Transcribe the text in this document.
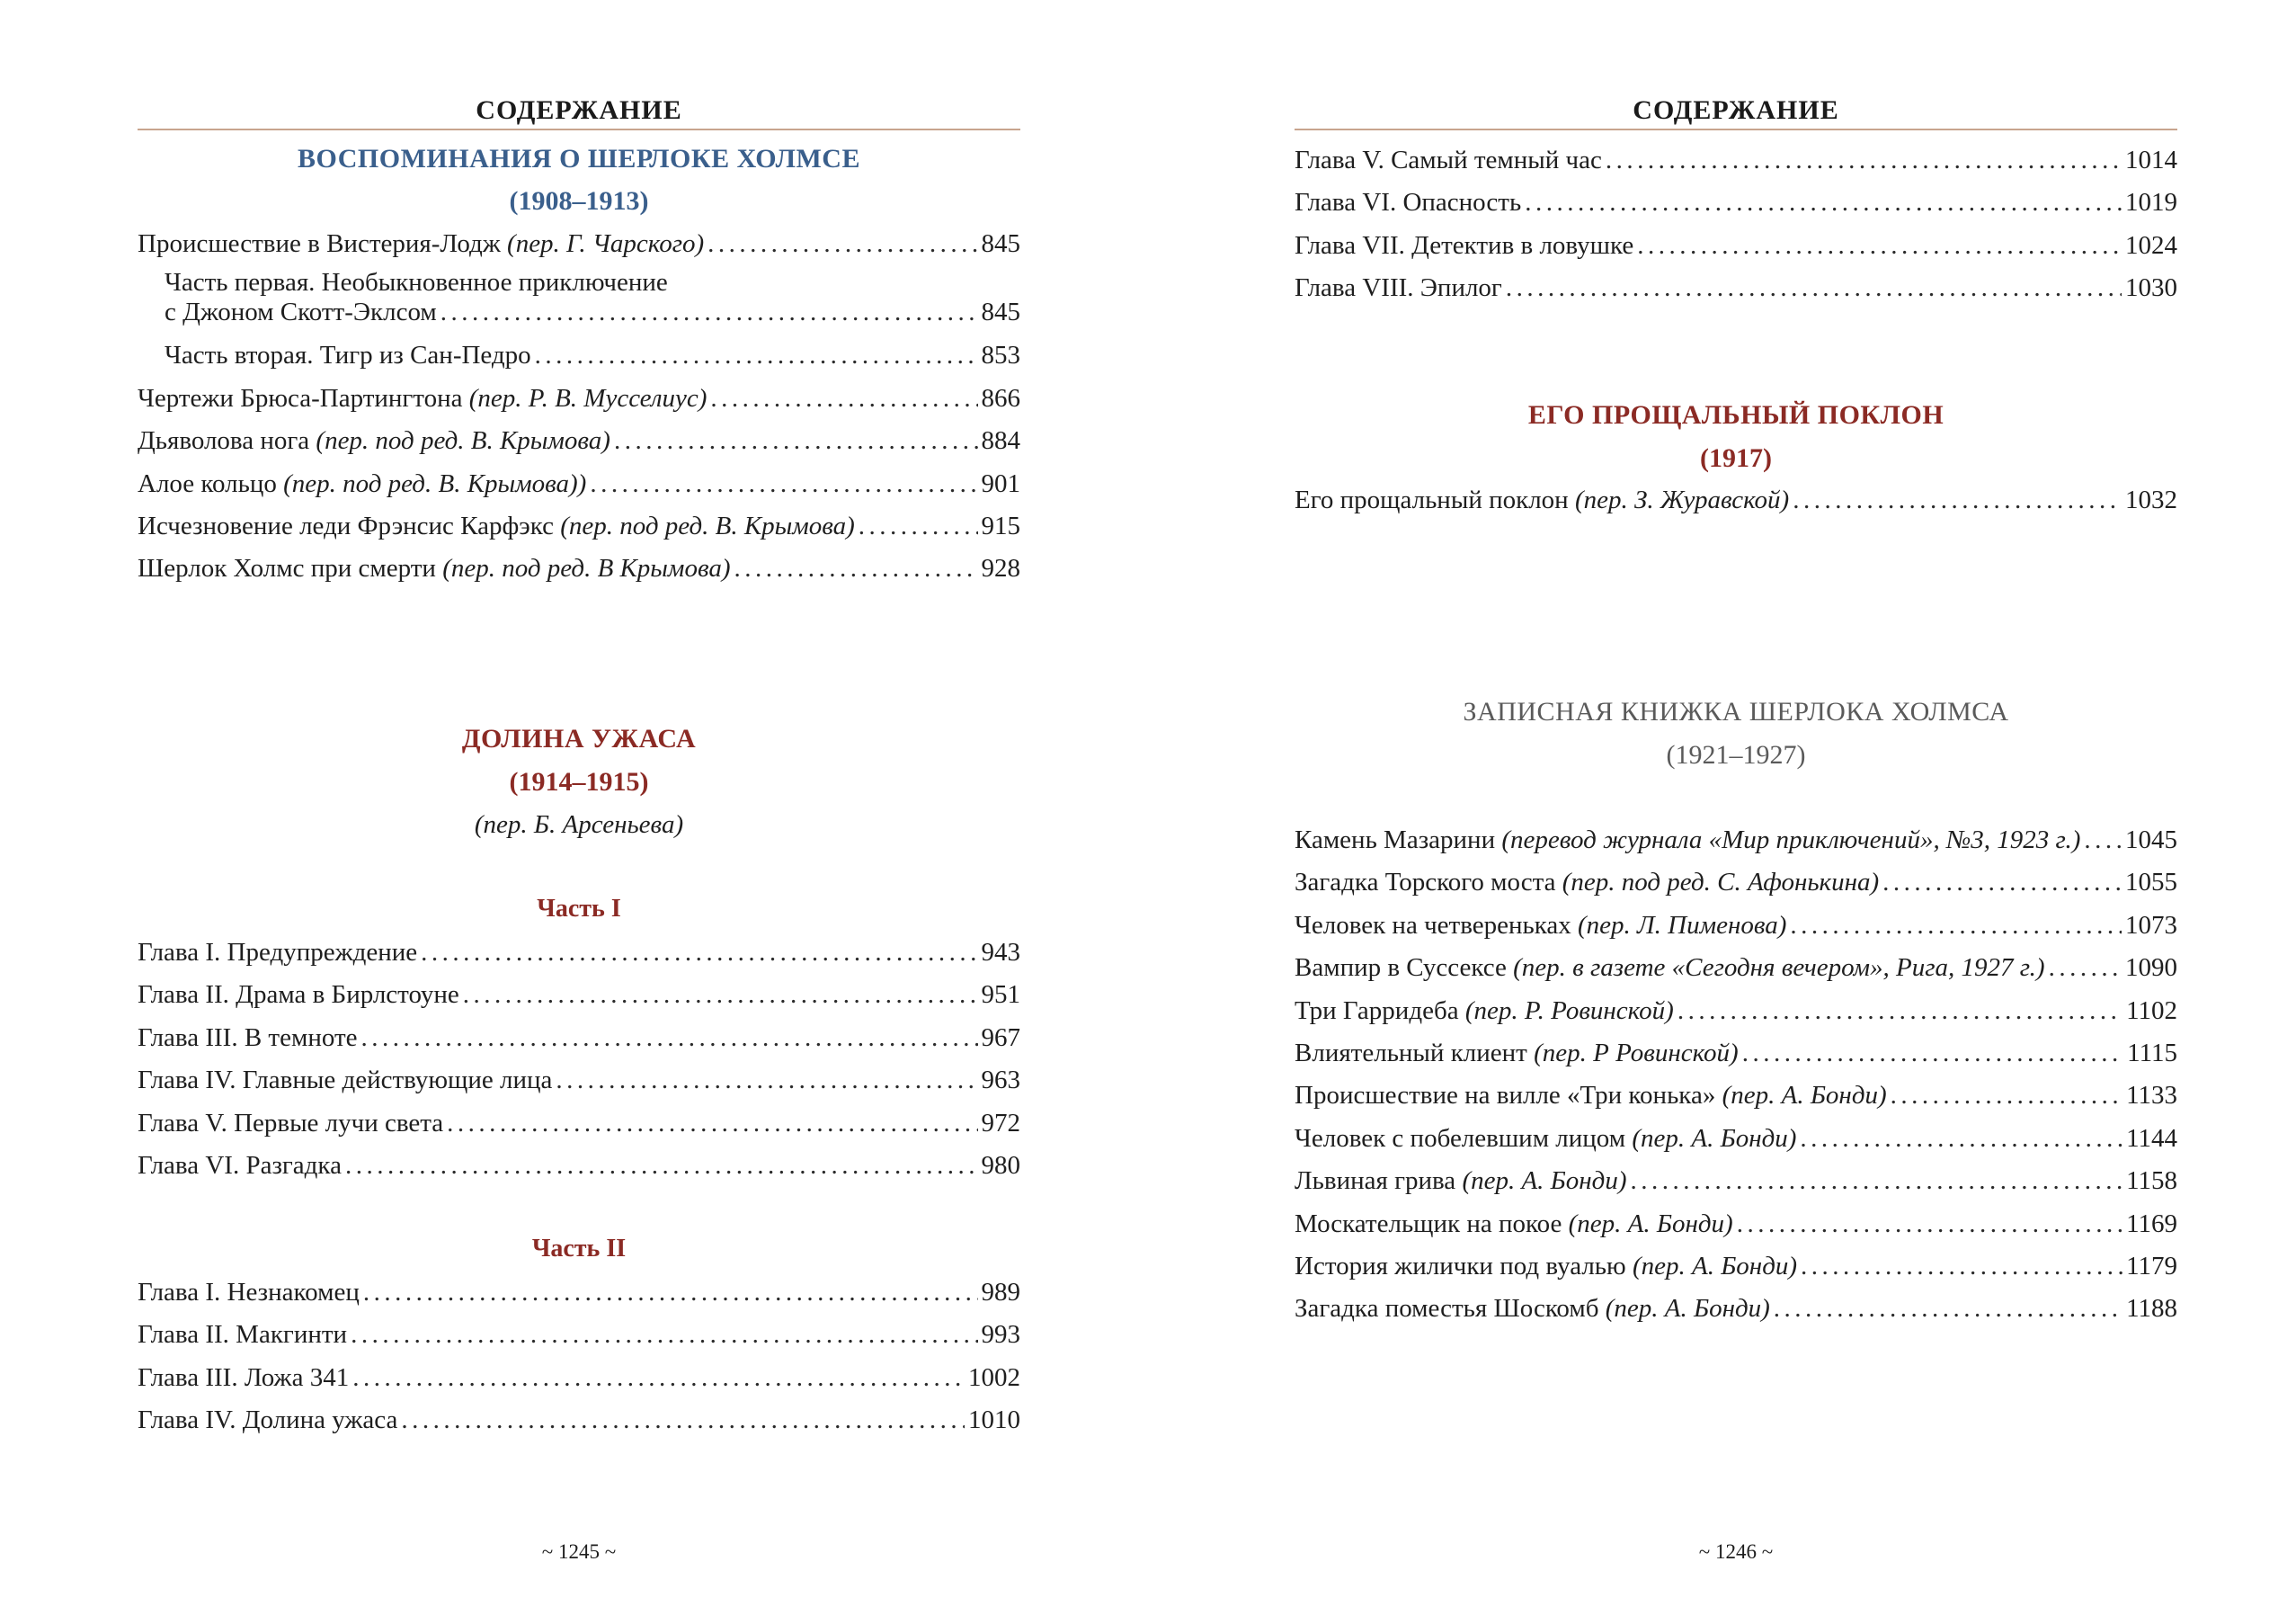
СОДЕРЖАНИЕ
ВОСПОМИНАНИЯ О ШЕРЛОКЕ ХОЛМСЕ
(1908–1913)
Происшествие в Вистерия-Лодж (пер. Г. Чарского) .....	845
Часть первая. Необыкновенное приключение
с Джоном Скотт-Эклсом .....	845
Часть вторая. Тигр из Сан-Педро .....	853
Чертежи Брюса-Партингтона (пер. Р. В. Мусселиус) .....	866
Дьяволова нога (пер. под ред. В. Крымова) .....	884
Алое кольцо (пер. под ред. В. Крымова)) .....	901
Исчезновение леди Фрэнсис Карфэкс (пер. под ред. В. Крымова) .....	915
Шерлок Холмс при смерти (пер. под ред. В Крымова) .....	928
ДОЛИНА УЖАСА
(1914–1915)
(пер. Б. Арсеньева)
Часть I
Глава I. Предупреждение .....	943
Глава II. Драма в Бирлстоуне .....	951
Глава III. В темноте .....	967
Глава IV. Главные действующие лица .....	963
Глава V. Первые лучи света .....	972
Глава VI. Разгадка .....	980
Часть II
Глава I. Незнакомец .....	989
Глава II. Макгинти .....	993
Глава III. Ложа 341 .....	1002
Глава IV. Долина ужаса .....	1010
~ 1245 ~
СОДЕРЖАНИЕ
Глава V. Самый темный час .....	1014
Глава VI. Опасность .....	1019
Глава VII. Детектив в ловушке .....	1024
Глава VIII. Эпилог .....	1030
ЕГО ПРОЩАЛЬНЫЙ ПОКЛОН
(1917)
Его прощальный поклон (пер. З. Журавской) .....	1032
ЗАПИСНАЯ КНИЖКА ШЕРЛОКА ХОЛМСА
(1921–1927)
Камень Мазарини (перевод журнала «Мир приключений», №3, 1923 г.) ..... 1045
Загадка Торского моста (пер. под ред. С. Афонькина) .....	1055
Человек на четвереньках (пер. Л. Пименова) .....	1073
Вампир в Суссексе (пер. в газете «Сегодня вечером», Рига, 1927 г.) .....	1090
Три Гарридеба (пер. Р. Ровинской) .....	1102
Влиятельный клиент (пер. Р Ровинской) .....	1115
Происшествие на вилле «Три конька» (пер. А. Бонди) .....	1133
Человек с побелевшим лицом (пер. А. Бонди) .....	1144
Львиная грива (пер. А. Бонди) .....	1158
Москательщик на покое (пер. А. Бонди) .....	1169
История жилички под вуалью (пер. А. Бонди) .....	1179
Загадка поместья Шоскомб (пер. А. Бонди) .....	1188
~ 1246 ~
